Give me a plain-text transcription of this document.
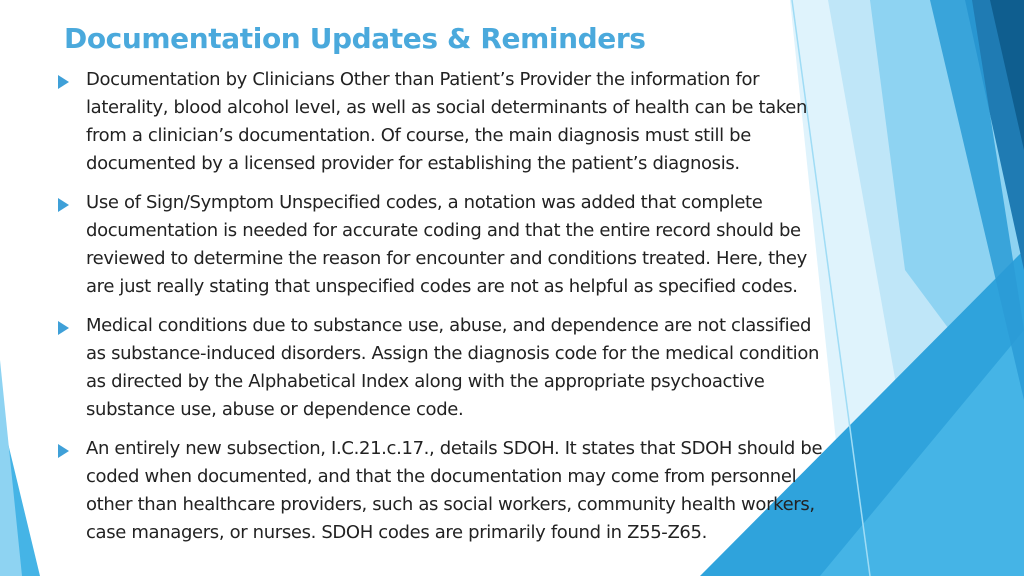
Documentation Updates & Reminders
Documentation by Clinicians Other than Patient’s Provider the information for
laterality, blood alcohol level, as well as social determinants of health can be taken
from a clinician’s documentation. Of course, the main diagnosis must still be
documented by a licensed provider for establishing the patient’s diagnosis.
Use of Sign/Symptom Unspecified codes, a notation was added that complete
documentation is needed for accurate coding and that the entire record should be
reviewed to determine the reason for encounter and conditions treated. Here, they
are just really stating that unspecified codes are not as helpful as specified codes.
Medical conditions due to substance use, abuse, and dependence are not classified
as substance-induced disorders. Assign the diagnosis code for the medical condition
as directed by the Alphabetical Index along with the appropriate psychoactive
substance use, abuse or dependence code.
An entirely new subsection, I.C.21.c.17., details SDOH. It states that SDOH should be
coded when documented, and that the documentation may come from personnel
other than healthcare providers, such as social workers, community health workers,
case managers, or nurses. SDOH codes are primarily found in Z55-Z65.
